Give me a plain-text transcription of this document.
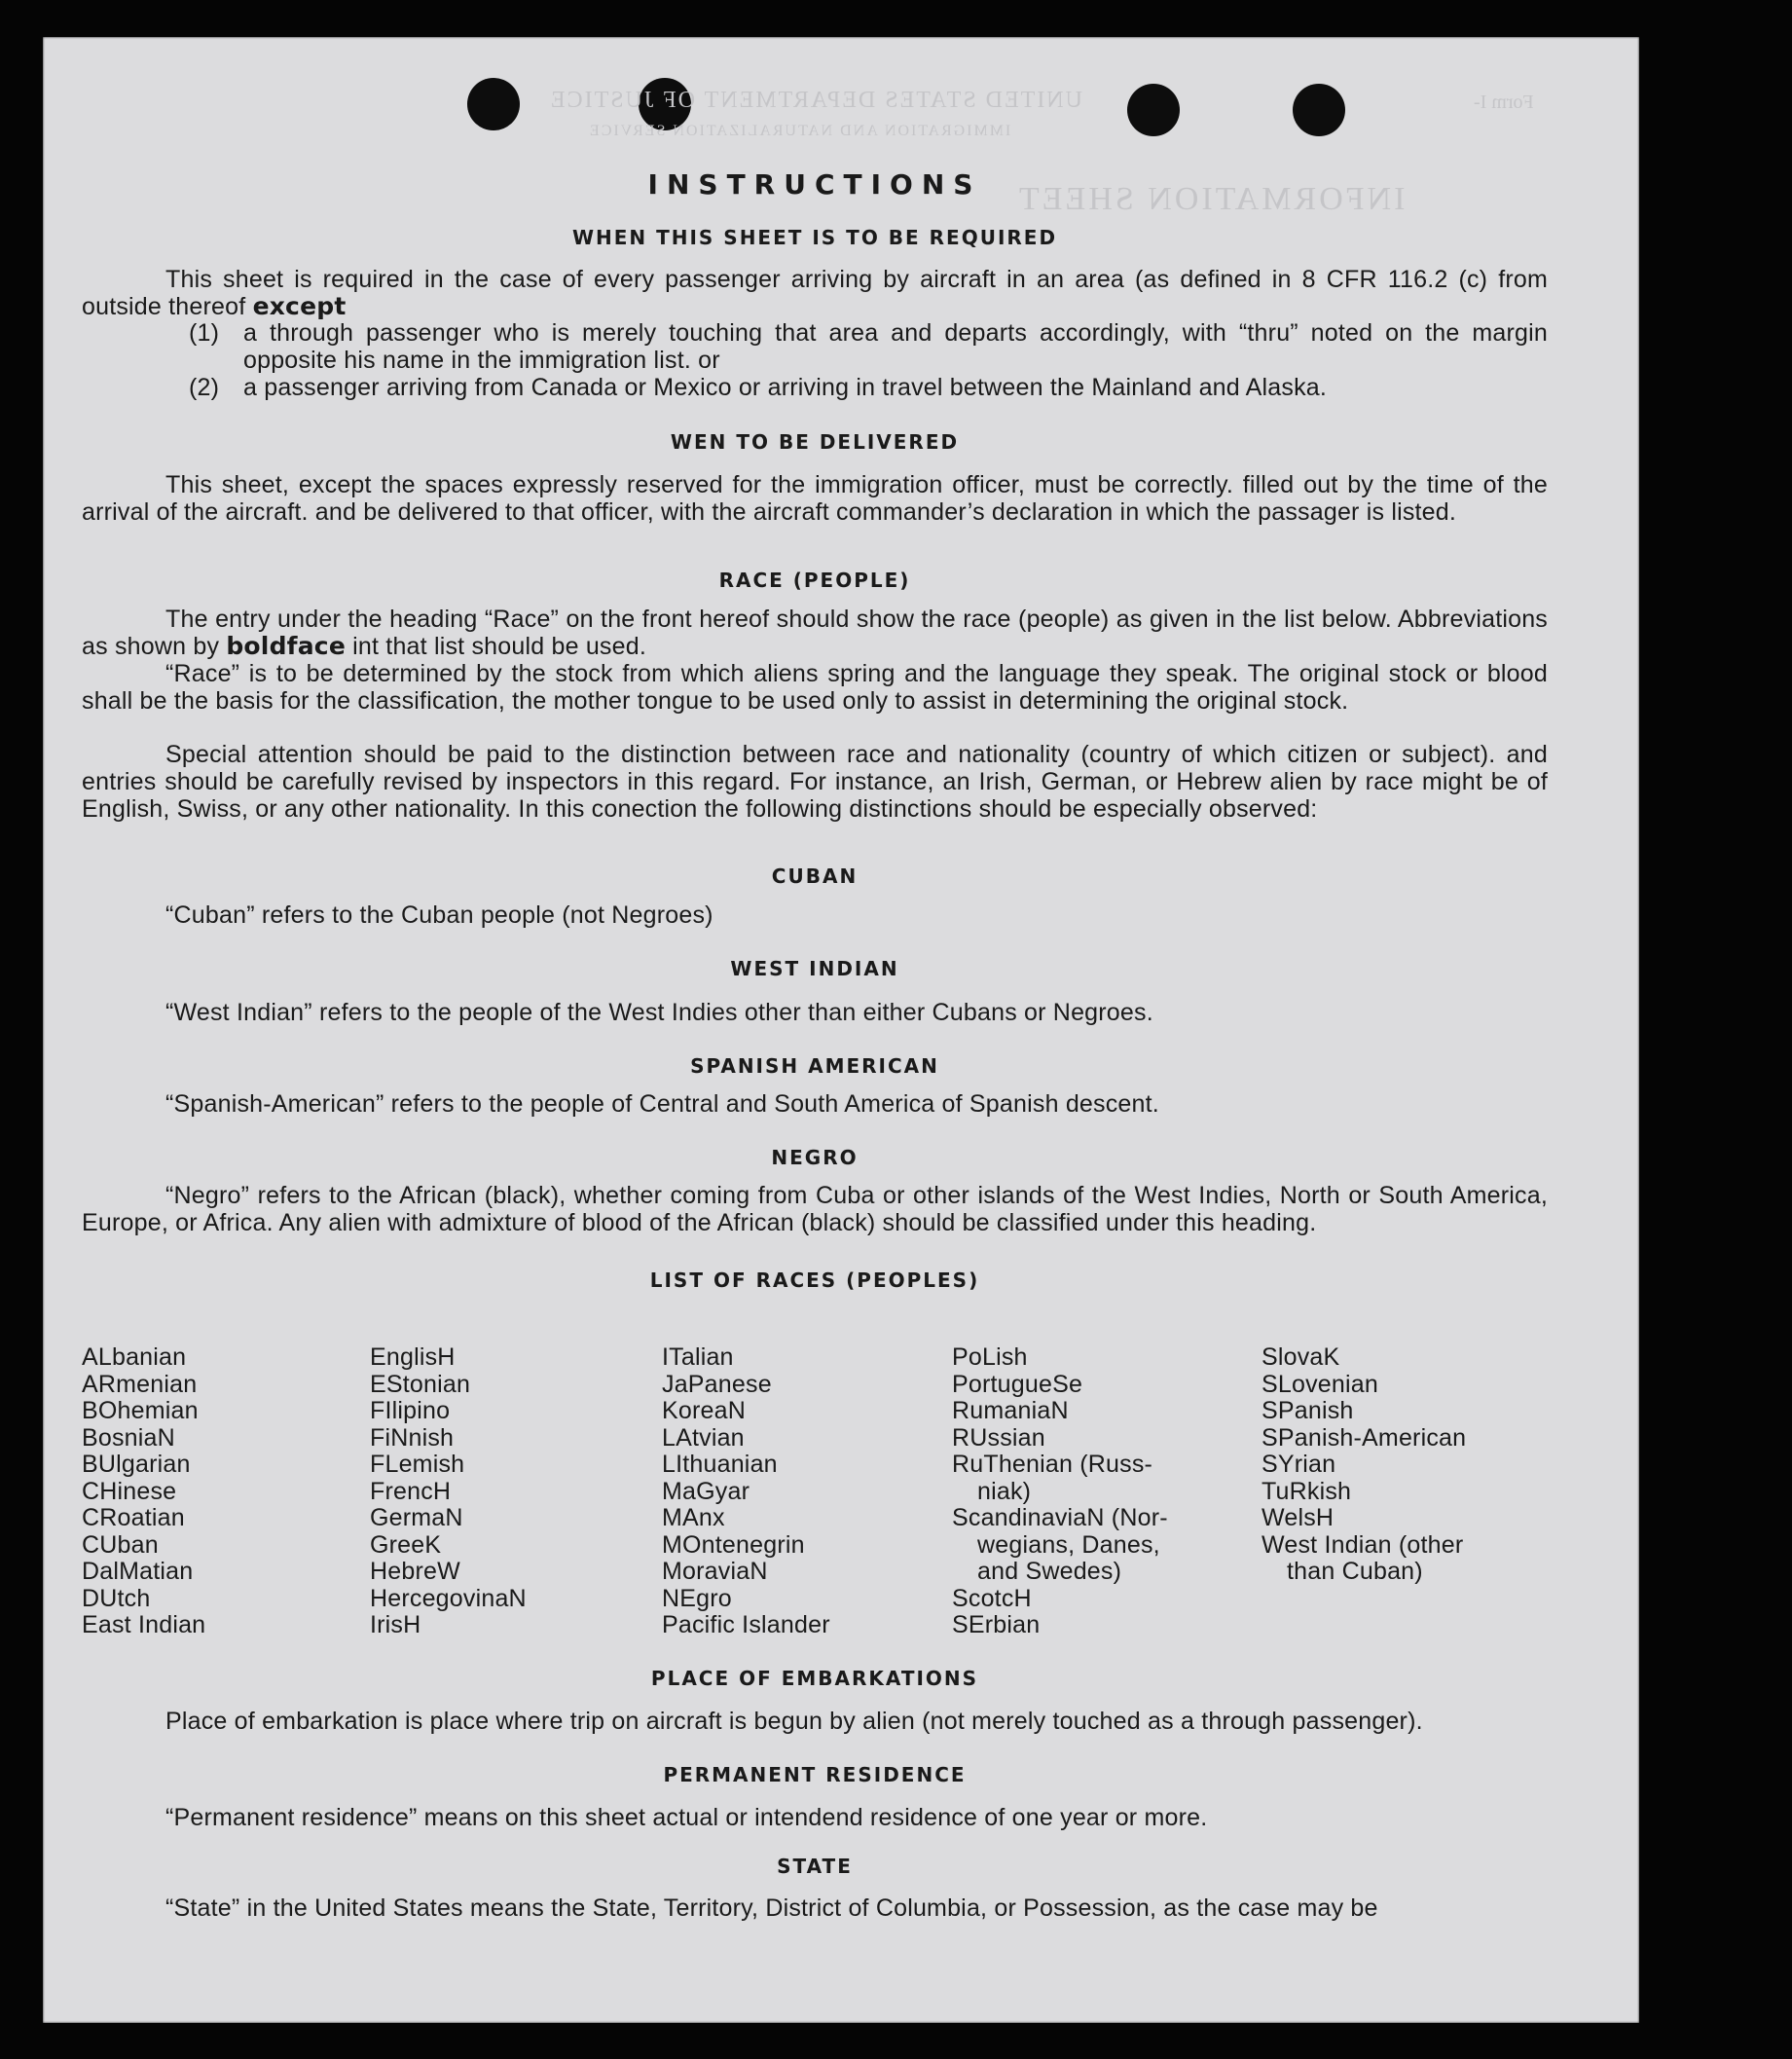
UNITED STATES DEPARTMENT OF JUSTICE
IMMIGRATION AND NATURALIZATION SERVICE
INFORMATION SHEET
Form I-
INSTRUCTIONS
WHEN THIS SHEET IS TO BE REQUIRED
This sheet is required in the case of every passenger arriving by aircraft in an area (as defined in 8 CFR 116.2 (c) from outside thereof except
(1) a through passenger who is merely touching that area and departs accordingly, with “thru” noted on the margin opposite his name in the immigration list. or
(2) a passenger arriving from Canada or Mexico or arriving in travel between the Mainland and Alaska.
WEN TO BE DELIVERED
This sheet, except the spaces expressly reserved for the immigration officer, must be correctly. filled out by the time of the arrival of the aircraft. and be delivered to that officer, with the aircraft commander’s declaration in which the passager is listed.
RACE (PEOPLE)
The entry under the heading “Race” on the front hereof should show the race (people) as given in the list below. Abbreviations as shown by boldface int that list should be used.
“Race” is to be determined by the stock from which aliens spring and the language they speak. The original stock or blood shall be the basis for the classification, the mother tongue to be used only to assist in determining the original stock.
Special attention should be paid to the distinction between race and nationality (country of which citizen or subject). and entries should be carefully revised by inspectors in this regard. For instance, an Irish, German, or Hebrew alien by race might be of English, Swiss, or any other nationality. In this conection the following distinctions should be especially observed:
CUBAN
“Cuban” refers to the Cuban people (not Negroes)
WEST INDIAN
“West Indian” refers to the people of the West Indies other than either Cubans or Negroes.
SPANISH AMERICAN
“Spanish-American” refers to the people of Central and South America of Spanish descent.
NEGRO
“Negro” refers to the African (black), whether coming from Cuba or other islands of the West Indies, North or South America, Europe, or Africa. Any alien with admixture of blood of the African (black) should be classified under this heading.
LIST OF RACES (PEOPLES)
ALbanian
ARmenian
BOhemian
BosniaN
BUlgarian
CHinese
CRoatian
CUban
DalMatian
DUtch
East Indian
EnglisH
EStonian
FIlipino
FiNnish
FLemish
FrencH
GermaN
GreeK
HebreW
HercegovinaN
IrisH
ITalian
JaPanese
KoreaN
LAtvian
LIthuanian
MaGyar
MAnx
MOntenegrin
MoraviaN
NEgro
Pacific Islander
PoLish
PortugueSe
RumaniaN
RUssian
RuThenian (Russ-
niak)
ScandinaviaN (Nor-
wegians, Danes,
and Swedes)
ScotcH
SErbian
SlovaK
SLovenian
SPanish
SPanish-American
SYrian
TuRkish
WelsH
West Indian (other
than Cuban)
PLACE OF EMBARKATIONS
Place of embarkation is place where trip on aircraft is begun by alien (not merely touched as a through passenger).
PERMANENT RESIDENCE
“Permanent residence” means on this sheet actual or intendend residence of one year or more.
STATE
“State” in the United States means the State, Territory, District of Columbia, or Possession, as the case may be
